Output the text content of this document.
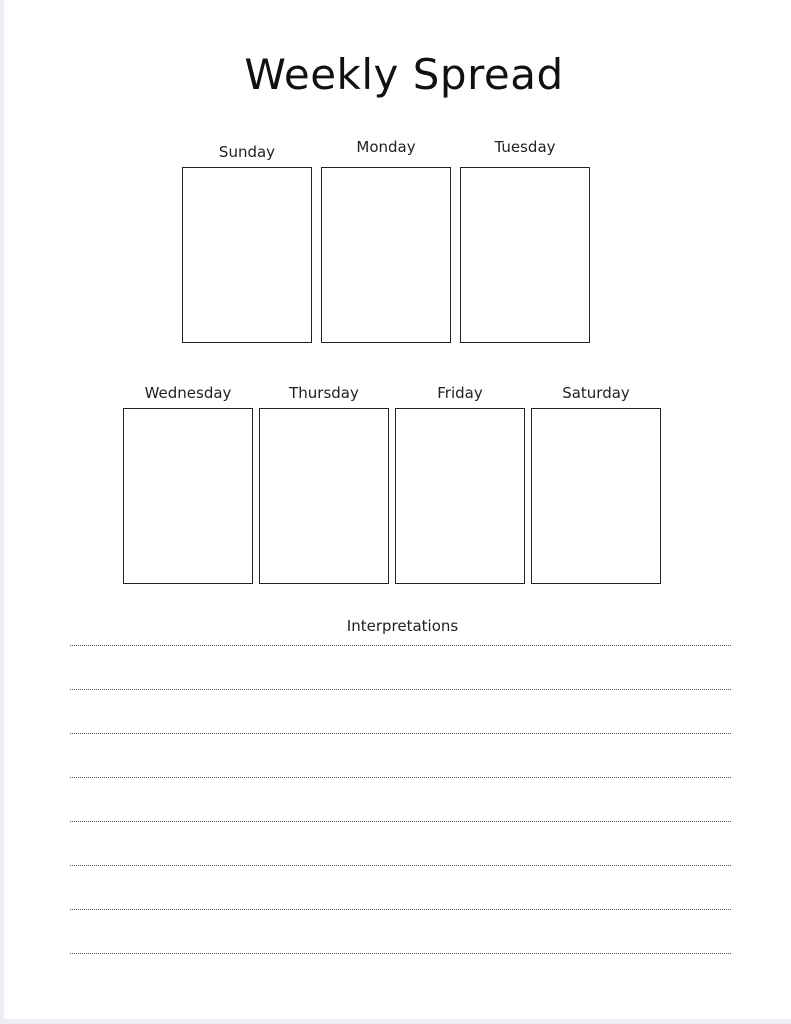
Weekly Spread
Sunday	Monday	Tuesday
Wednesday	Thursday	Friday	Saturday
Interpretations
